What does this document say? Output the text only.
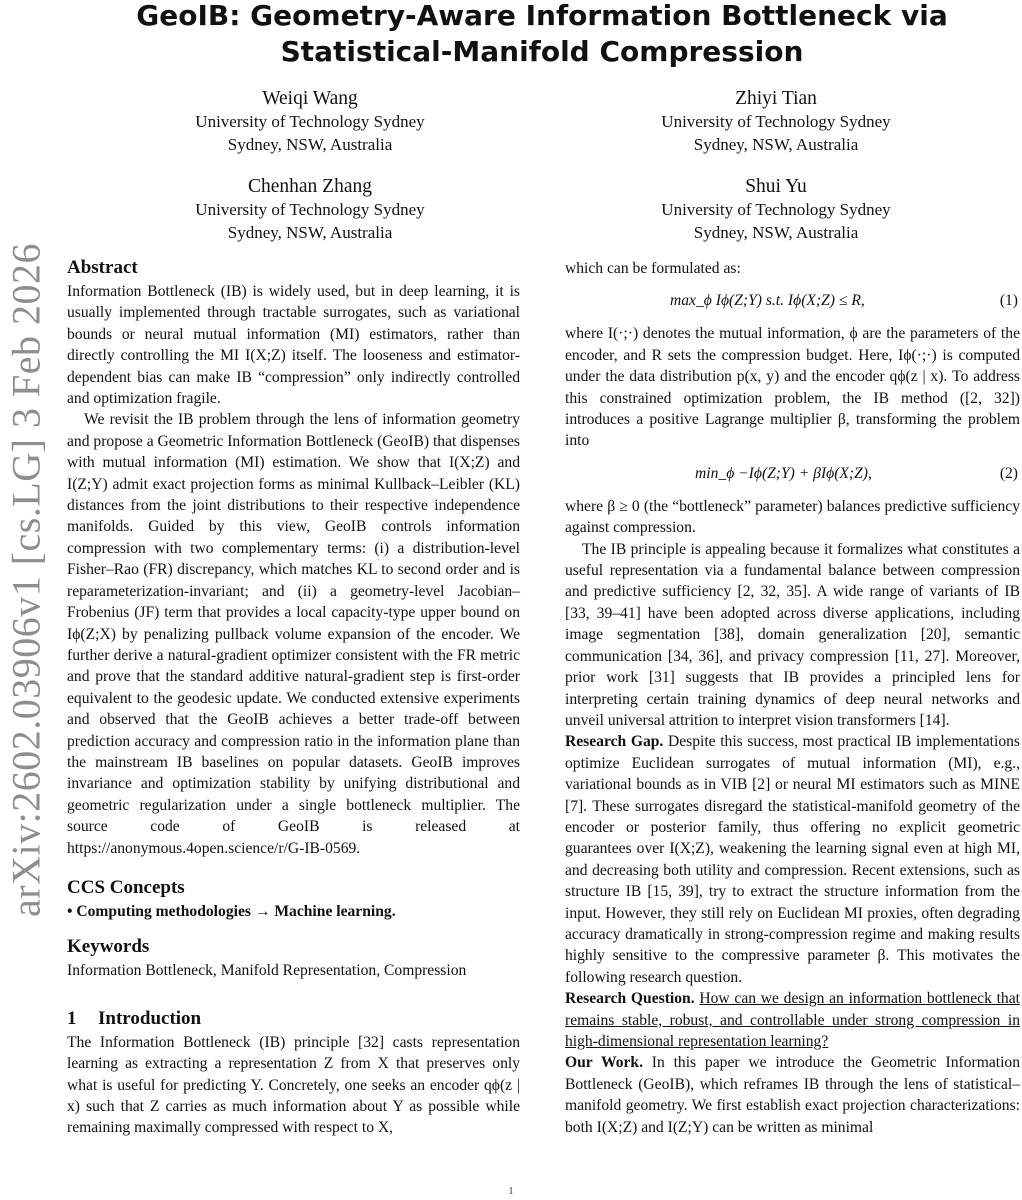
arXiv:2602.03906v1 [cs.LG] 3 Feb 2026
GeoIB: Geometry-Aware Information Bottleneck via
Statistical-Manifold Compression
Weiqi Wang
University of Technology Sydney
Sydney, NSW, Australia
Zhiyi Tian
University of Technology Sydney
Sydney, NSW, Australia
Chenhan Zhang
University of Technology Sydney
Sydney, NSW, Australia
Shui Yu
University of Technology Sydney
Sydney, NSW, Australia
Abstract

Information Bottleneck (IB) is widely used, but in deep learning, it is usually implemented through tractable surrogates, such as variational bounds or neural mutual information (MI) estimators, rather than directly controlling the MI I(X;Z) itself. The looseness and estimator-dependent bias can make IB “compression” only indirectly controlled and optimization fragile.

We revisit the IB problem through the lens of information geometry and propose a Geometric Information Bottleneck (GeoIB) that dispenses with mutual information (MI) estimation. We show that I(X;Z) and I(Z;Y) admit exact projection forms as minimal Kullback–Leibler (KL) distances from the joint distributions to their respective independence manifolds. Guided by this view, GeoIB controls information compression with two complementary terms: (i) a distribution-level Fisher–Rao (FR) discrepancy, which matches KL to second order and is reparameterization-invariant; and (ii) a geometry-level Jacobian–Frobenius (JF) term that provides a local capacity-type upper bound on Iϕ(Z;X) by penalizing pullback volume expansion of the encoder. We further derive a natural-gradient optimizer consistent with the FR metric and prove that the standard additive natural-gradient step is first-order equivalent to the geodesic update. We conducted extensive experiments and observed that the GeoIB achieves a better trade-off between prediction accuracy and compression ratio in the information plane than the mainstream IB baselines on popular datasets. GeoIB improves invariance and optimization stability by unifying distributional and geometric regularization under a single bottleneck multiplier. The source code of GeoIB is released at https://anonymous.4open.science/r/G-IB-0569.

CCS Concepts

• Computing methodologies → Machine learning.

Keywords

Information Bottleneck, Manifold Representation, Compression

1 Introduction

The Information Bottleneck (IB) principle [32] casts representation learning as extracting a representation Z from X that preserves only what is useful for predicting Y. Concretely, one seeks an encoder qϕ(z | x) such that Z carries as much information about Y as possible while remaining maximally compressed with respect to X,

which can be formulated as:

max_ϕ Iϕ(Z;Y) s.t. Iϕ(X;Z) ≤ R,	(1)

where I(·;·) denotes the mutual information, ϕ are the parameters of the encoder, and R sets the compression budget. Here, Iϕ(·;·) is computed under the data distribution p(x, y) and the encoder qϕ(z | x). To address this constrained optimization problem, the IB method ([2, 32]) introduces a positive Lagrange multiplier β, transforming the problem into

min_ϕ −Iϕ(Z;Y) + βIϕ(X;Z),	(2)

where β ≥ 0 (the “bottleneck” parameter) balances predictive sufficiency against compression.

The IB principle is appealing because it formalizes what constitutes a useful representation via a fundamental balance between compression and predictive sufficiency [2, 32, 35]. A wide range of variants of IB [33, 39–41] have been adopted across diverse applications, including image segmentation [38], domain generalization [20], semantic communication [34, 36], and privacy compression [11, 27]. Moreover, prior work [31] suggests that IB provides a principled lens for interpreting certain training dynamics of deep neural networks and unveil universal attrition to interpret vision transformers [14].

Research Gap. Despite this success, most practical IB implementations optimize Euclidean surrogates of mutual information (MI), e.g., variational bounds as in VIB [2] or neural MI estimators such as MINE [7]. These surrogates disregard the statistical-manifold geometry of the encoder or posterior family, thus offering no explicit geometric guarantees over I(X;Z), weakening the learning signal even at high MI, and decreasing both utility and compression. Recent extensions, such as structure IB [15, 39], try to extract the structure information from the input. However, they still rely on Euclidean MI proxies, often degrading accuracy dramatically in strong-compression regime and making results highly sensitive to the compressive parameter β. This motivates the following research question.

Research Question. How can we design an information bottleneck that remains stable, robust, and controllable under strong compression in high-dimensional representation learning?

Our Work. In this paper we introduce the Geometric Information Bottleneck (GeoIB), which reframes IB through the lens of statistical–manifold geometry. We first establish exact projection characterizations: both I(X;Z) and I(Z;Y) can be written as minimal

1
